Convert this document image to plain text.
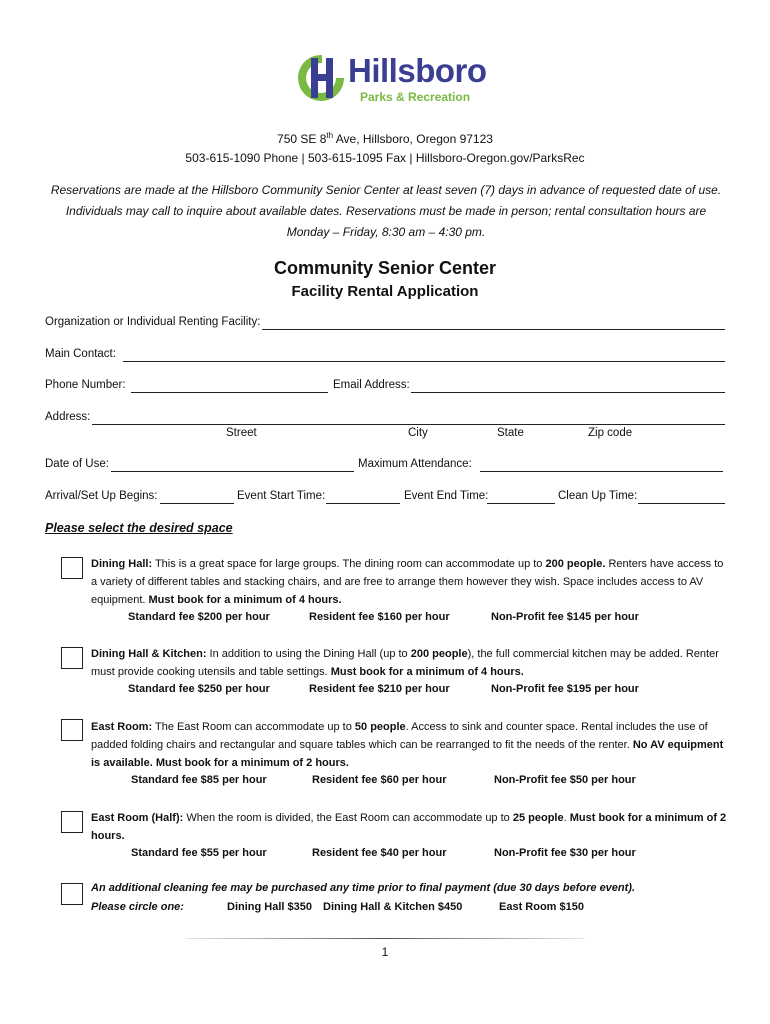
Hillsboro
Parks & Recreation
750 SE 8th Ave, Hillsboro, Oregon 97123
503-615-1090 Phone | 503-615-1095 Fax | Hillsboro-Oregon.gov/ParksRec
Reservations are made at the Hillsboro Community Senior Center at least seven (7) days in advance of requested date of use. Individuals may call to inquire about available dates. Reservations must be made in person; rental consultation hours are Monday – Friday, 8:30 am – 4:30 pm.
Community Senior Center
Facility Rental Application
Organization or Individual Renting Facility:
Main Contact:
Phone Number:	Email Address:
Address:
Street	City	State	Zip code
Date of Use:	Maximum Attendance:
Arrival/Set Up Begins:	Event Start Time:	Event End Time:	Clean Up Time:
Please select the desired space
Dining Hall: This is a great space for large groups. The dining room can accommodate up to 200 people. Renters have access to a variety of different tables and stacking chairs, and are free to arrange them however they wish. Space includes access to AV equipment. Must book for a minimum of 4 hours.
Standard fee $200 per hour	Resident fee $160 per hour	Non-Profit fee $145 per hour
Dining Hall & Kitchen: In addition to using the Dining Hall (up to 200 people), the full commercial kitchen may be added. Renter must provide cooking utensils and table settings. Must book for a minimum of 4 hours.
Standard fee $250 per hour	Resident fee $210 per hour	Non-Profit fee $195 per hour
East Room: The East Room can accommodate up to 50 people. Access to sink and counter space. Rental includes the use of padded folding chairs and rectangular and square tables which can be rearranged to fit the needs of the renter. No AV equipment is available. Must book for a minimum of 2 hours.
Standard fee $85 per hour	Resident fee $60 per hour	Non-Profit fee $50 per hour
East Room (Half): When the room is divided, the East Room can accommodate up to 25 people. Must book for a minimum of 2 hours.
Standard fee $55 per hour	Resident fee $40 per hour	Non-Profit fee $30 per hour
An additional cleaning fee may be purchased any time prior to final payment (due 30 days before event).
Please circle one:	Dining Hall $350 Dining Hall & Kitchen $450	East Room $150
1
